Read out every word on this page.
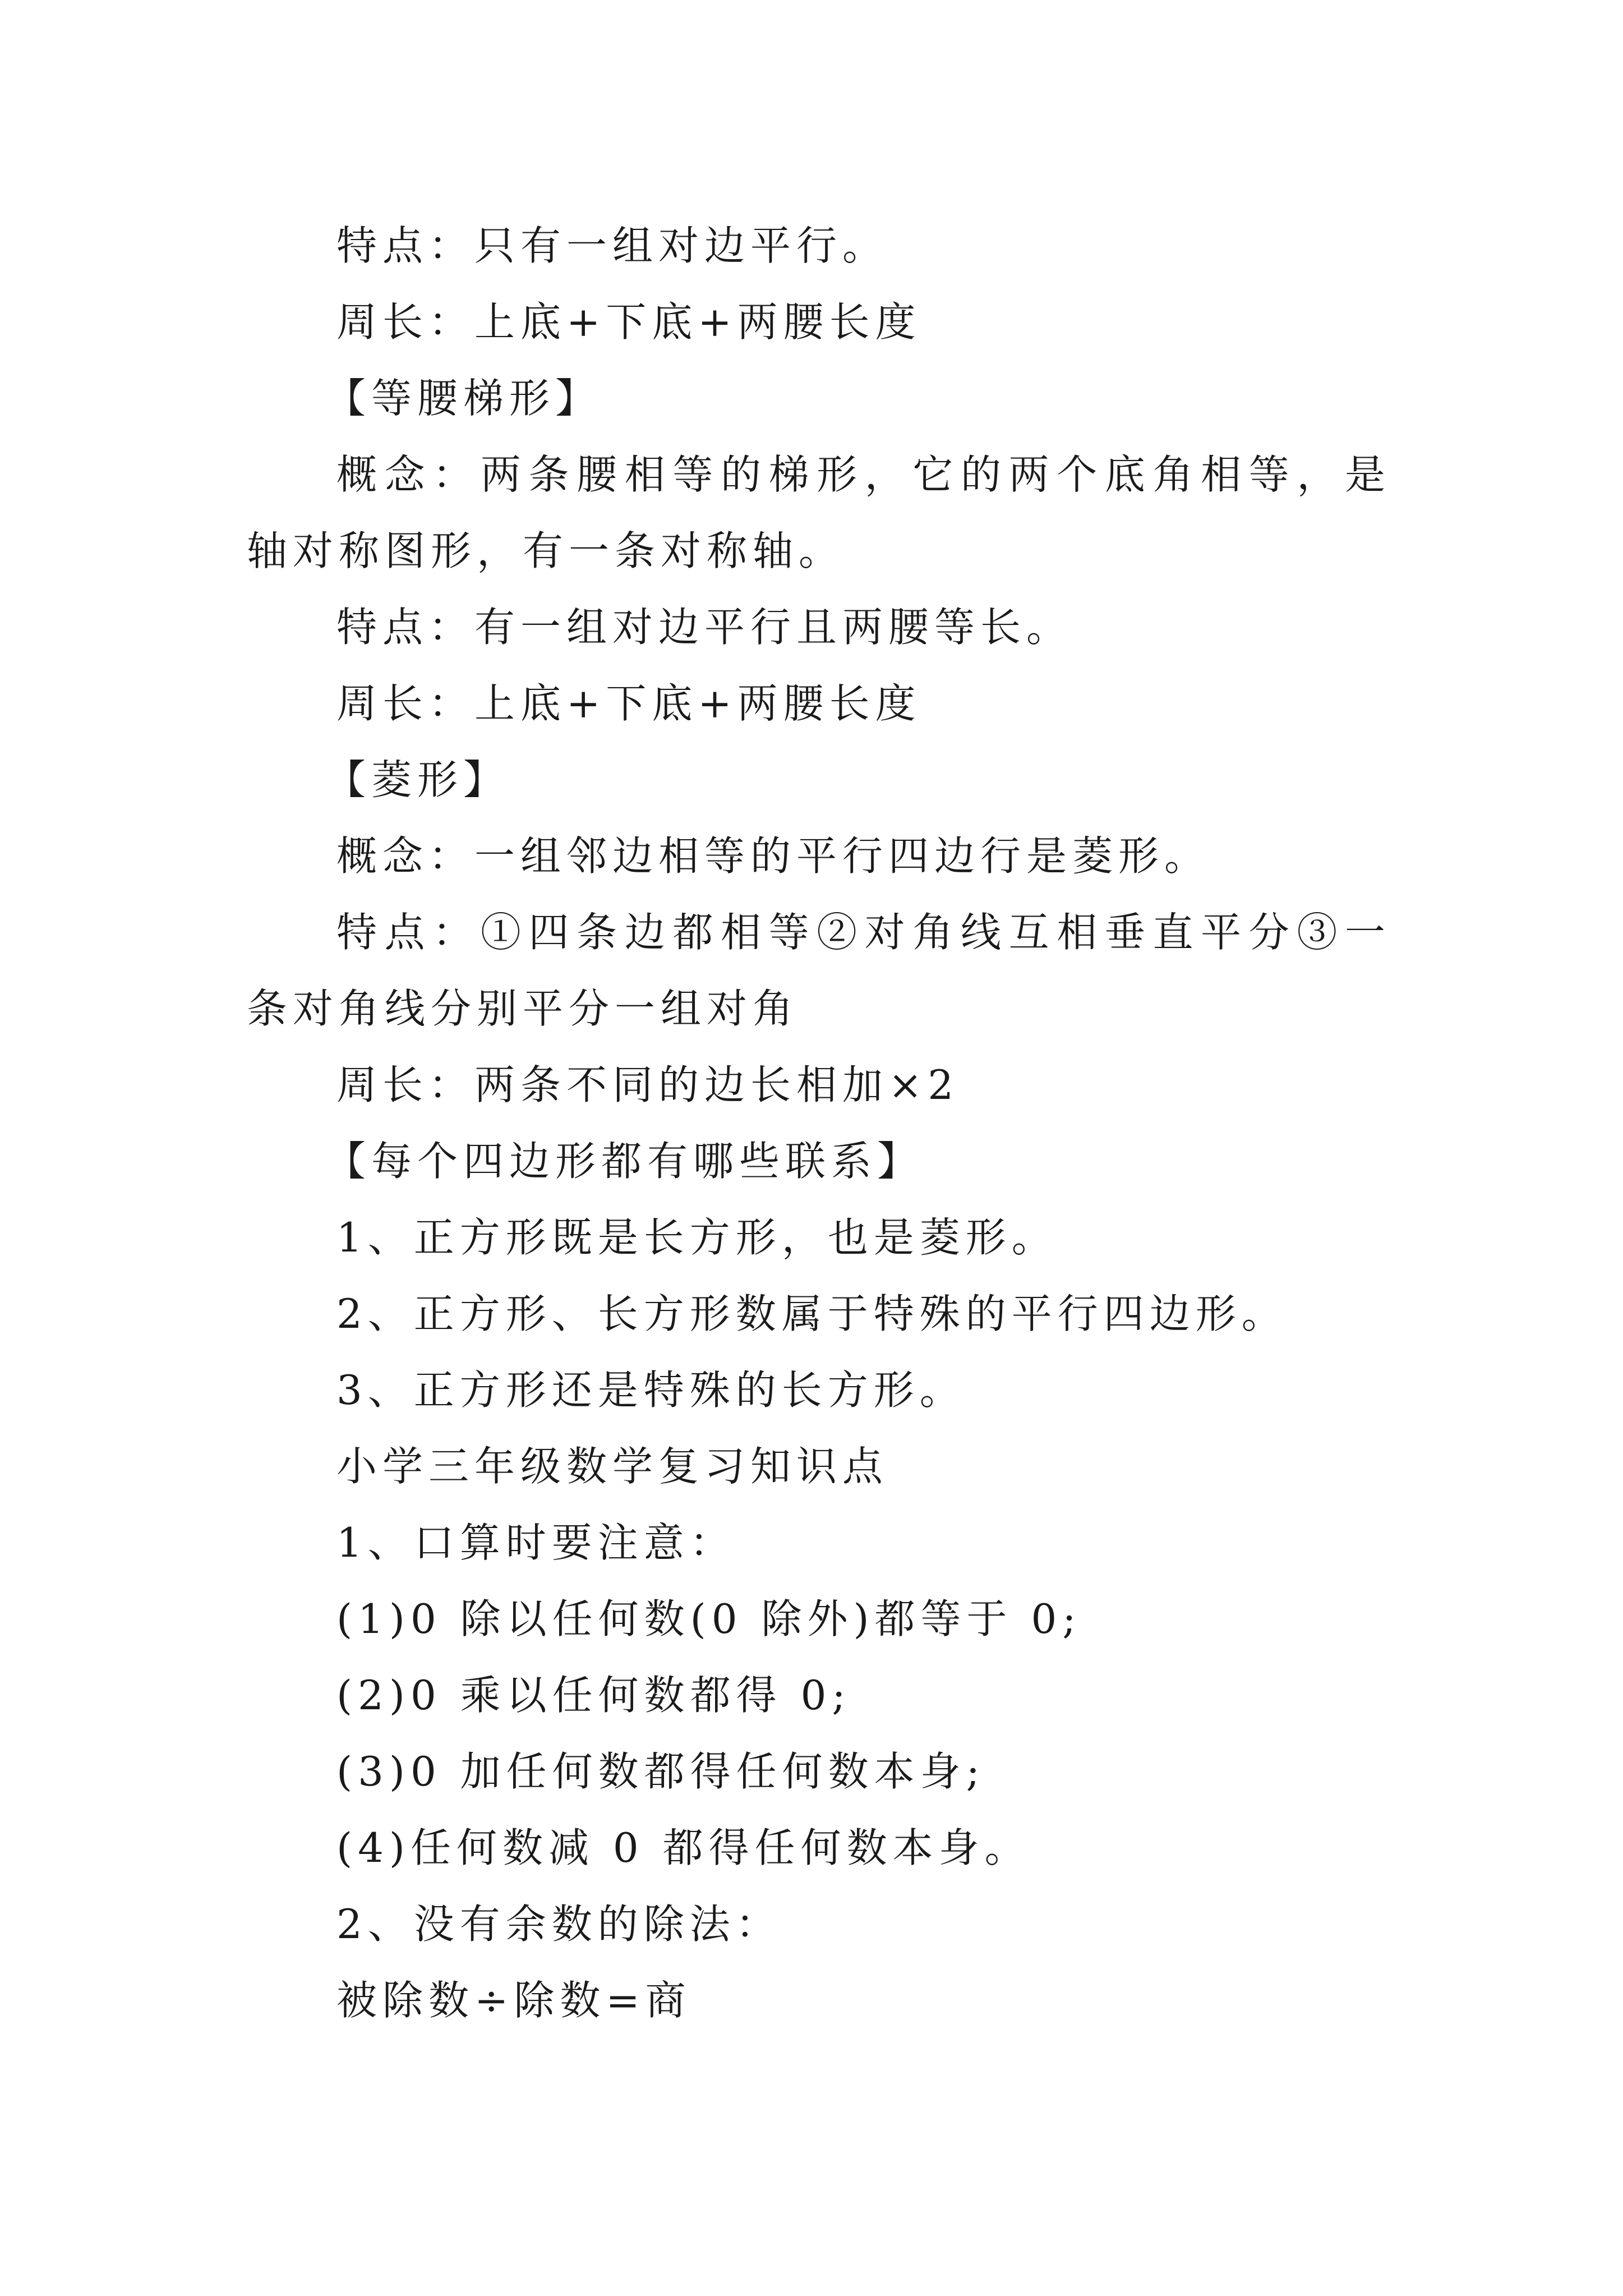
特点：只有一组对边平行。
周长：上底+下底+两腰长度
【等腰梯形】
概念：两条腰相等的梯形，它的两个底角相等，是轴对称图形，有一条对称轴。
特点：有一组对边平行且两腰等长。
周长：上底+下底+两腰长度
【菱形】
概念：一组邻边相等的平行四边行是菱形。
特点：①四条边都相等②对角线互相垂直平分③一条对角线分别平分一组对角
周长：两条不同的边长相加×2
【每个四边形都有哪些联系】
1、正方形既是长方形，也是菱形。
2、正方形、长方形数属于特殊的平行四边形。
3、正方形还是特殊的长方形。
小学三年级数学复习知识点
1、口算时要注意：
(1)0 除以任何数(0 除外)都等于 0;
(2)0 乘以任何数都得 0;
(3)0 加任何数都得任何数本身;
(4)任何数减 0 都得任何数本身。
2、没有余数的除法：
被除数÷除数=商
